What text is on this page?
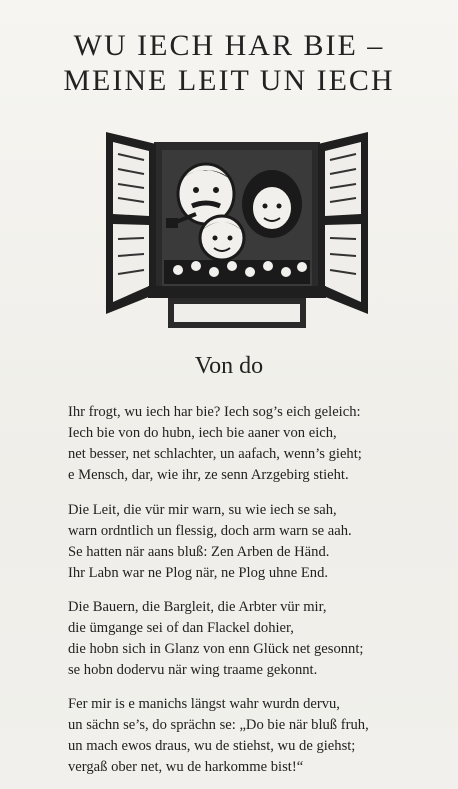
WU IECH HAR BIE –
MEINE LEIT UN IECH
Von do
Ihr frogt, wu iech har bie? Iech sog’s eich geleich:
Iech bie von do hubn, iech bie aaner von eich,
net besser, net schlachter, un aafach, wenn’s gieht;
e Mensch, dar, wie ihr, ze senn Arzgebirg stieht.
Die Leit, die vür mir warn, su wie iech se sah,
warn ordntlich un flessig, doch arm warn se aah.
Se hatten när aans bluß: Zen Arben de Händ.
Ihr Labn war ne Plog när, ne Plog uhne End.
Die Bauern, die Bargleit, die Arbter vür mir,
die ümgange sei of dan Flackel dohier,
die hobn sich in Glanz von enn Glück net gesonnt;
se hobn dodervu när wing traame gekonnt.
Fer mir is e manichs längst wahr wurdn dervu,
un sächn se’s, do sprächn se: „Do bie när bluß fruh,
un mach ewos draus, wu de stiehst, wu de giehst;
vergaß ober net, wu de harkomme bist!“
